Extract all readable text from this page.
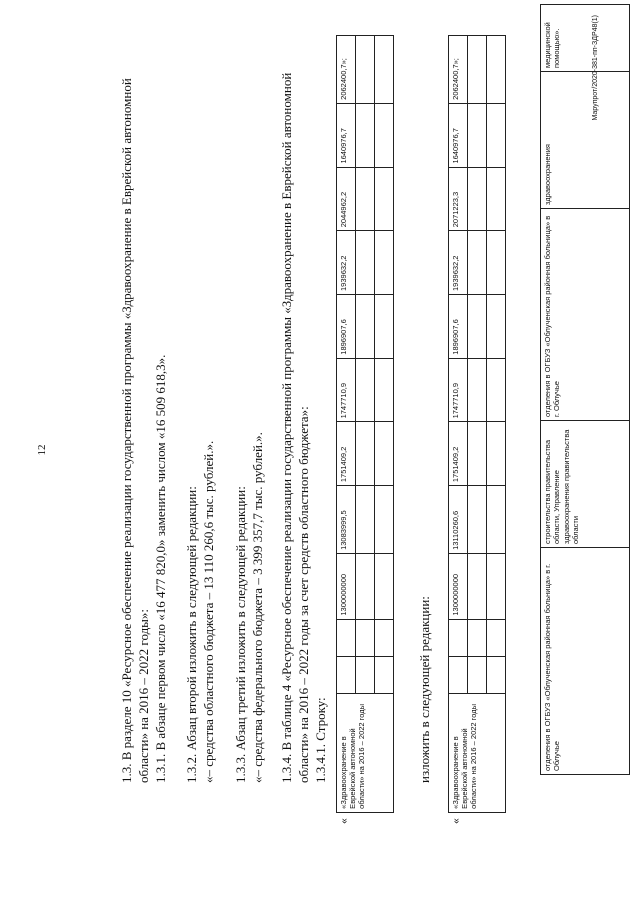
12
отделения в ОГБУЗ «Облученская районная больница» в г. Облучье	строительства правительства области, Управление здравоохранения правительства области	отделения в ОГБУЗ «Облученская районная больница» в г. Облучье	здравоохранения	медицинской помощью».
1.3. В разделе 10 «Ресурсное обеспечение реализации государственной программы «Здравоохранение в Еврейской автономной области» на 2016 – 2022 годы»: 1.3.1. В абзаце первом число «16 477 820,0» заменить числом «16 509 618,3». 1.3.2. Абзац второй изложить в следующей редакции: «– средства областного бюджета – 13 110 260,6 тыс. рублей.». 1.3.3. Абзац третий изложить в следующей редакции: «– средства федерального бюджета – 3 399 357,7 тыс. рублей.». 1.3.4. В таблице 4 «Ресурсное обеспечение реализации государственной программы «Здравоохранение в Еврейской автономной области» на 2016 – 2022 годы за счет средств областного бюджета»: 1.3.4.1. Строку:
«	«Здравоохранение в Еврейской автономной области» на 2016 – 2022 годы			1300000000	13083999,5	1751409,2	1747710,9	1896907,6	1939632,2	2044962,2	1640976,7	2062400,7»;

изложить в следующей редакции:
«	«Здравоохранение в Еврейской автономной области» на 2016 – 2022 годы			1300000000	13110260,6	1751409,2	1747710,9	1896907,6	1939632,2	2071223,3	1640976,7	2062400,7»;

											Марупрот/2020-381-пп-ЗДР48(1)
